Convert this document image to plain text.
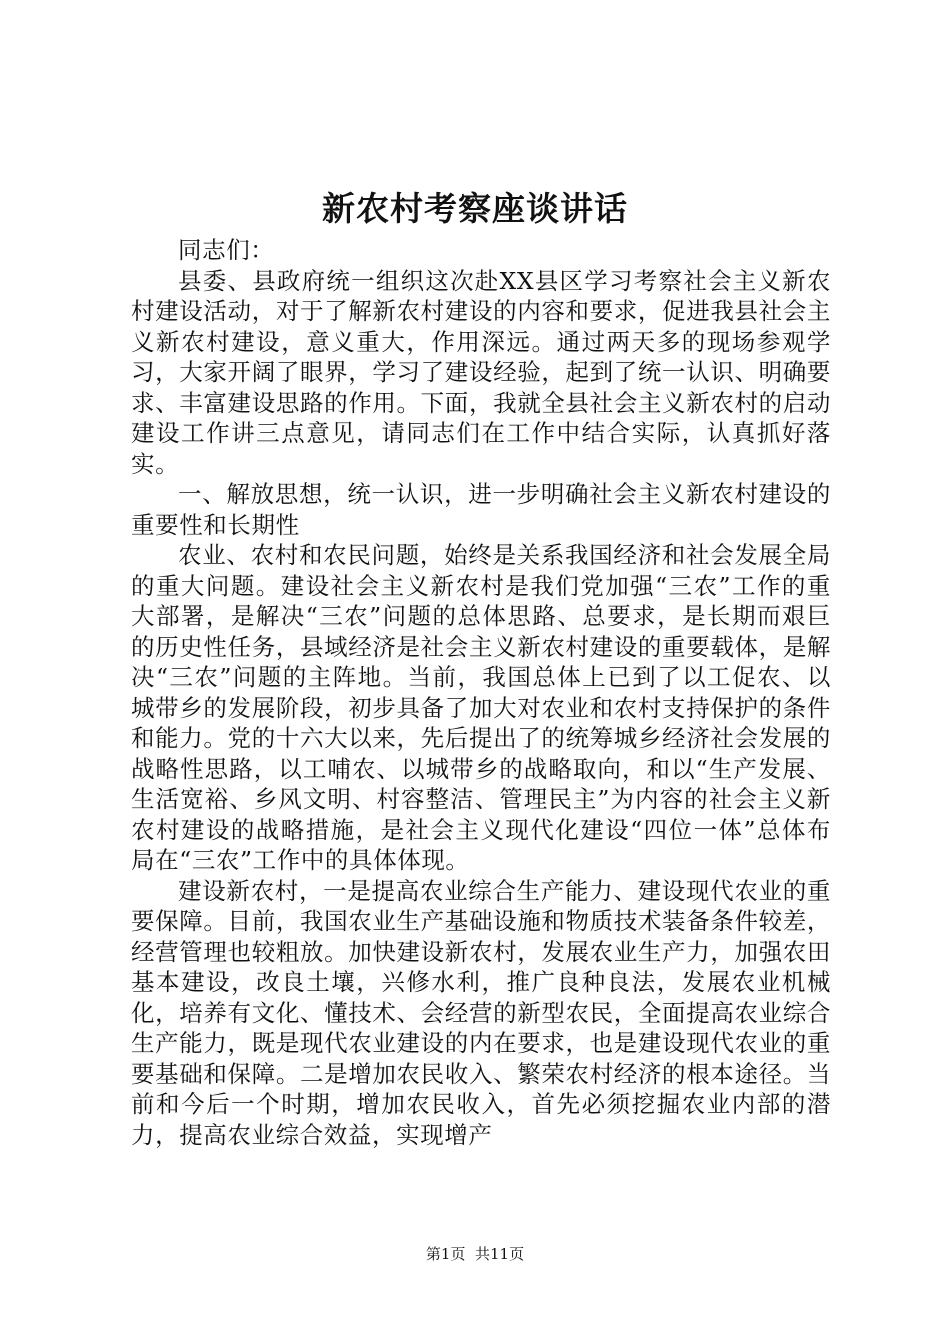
新农村考察座谈讲话

同志们：

县委、县政府统一组织这次赴XX县区学习考察社会主义新农村建设活动，对于了解新农村建设的内容和要求，促进我县社会主义新农村建设，意义重大，作用深远。通过两天多的现场参观学习，大家开阔了眼界，学习了建设经验，起到了统一认识、明确要求、丰富建设思路的作用。下面，我就全县社会主义新农村的启动建设工作讲三点意见，请同志们在工作中结合实际，认真抓好落实。

一、解放思想，统一认识，进一步明确社会主义新农村建设的重要性和长期性

农业、农村和农民问题，始终是关系我国经济和社会发展全局的重大问题。建设社会主义新农村是我们党加强“三农”工作的重大部署，是解决“三农”问题的总体思路、总要求，是长期而艰巨的历史性任务，县域经济是社会主义新农村建设的重要载体，是解决“三农”问题的主阵地。当前，我国总体上已到了以工促农、以城带乡的发展阶段，初步具备了加大对农业和农村支持保护的条件和能力。党的十六大以来，先后提出了的统筹城乡经济社会发展的战略性思路，以工哺农、以城带乡的战略取向，和以“生产发展、生活宽裕、乡风文明、村容整洁、管理民主”为内容的社会主义新农村建设的战略措施，是社会主义现代化建设“四位一体”总体布局在“三农”工作中的具体体现。

建设新农村，一是提高农业综合生产能力、建设现代农业的重要保障。目前，我国农业生产基础设施和物质技术装备条件较差，经营管理也较粗放。加快建设新农村，发展农业生产力，加强农田基本建设，改良土壤，兴修水利，推广良种良法，发展农业机械化，培养有文化、懂技术、会经营的新型农民，全面提高农业综合生产能力，既是现代农业建设的内在要求，也是建设现代农业的重要基础和保障。二是增加农民收入、繁荣农村经济的根本途径。当前和今后一个时期，增加农民收入，首先必须挖掘农业内部的潜力，提高农业综合效益，实现增产

第1页  共11页
